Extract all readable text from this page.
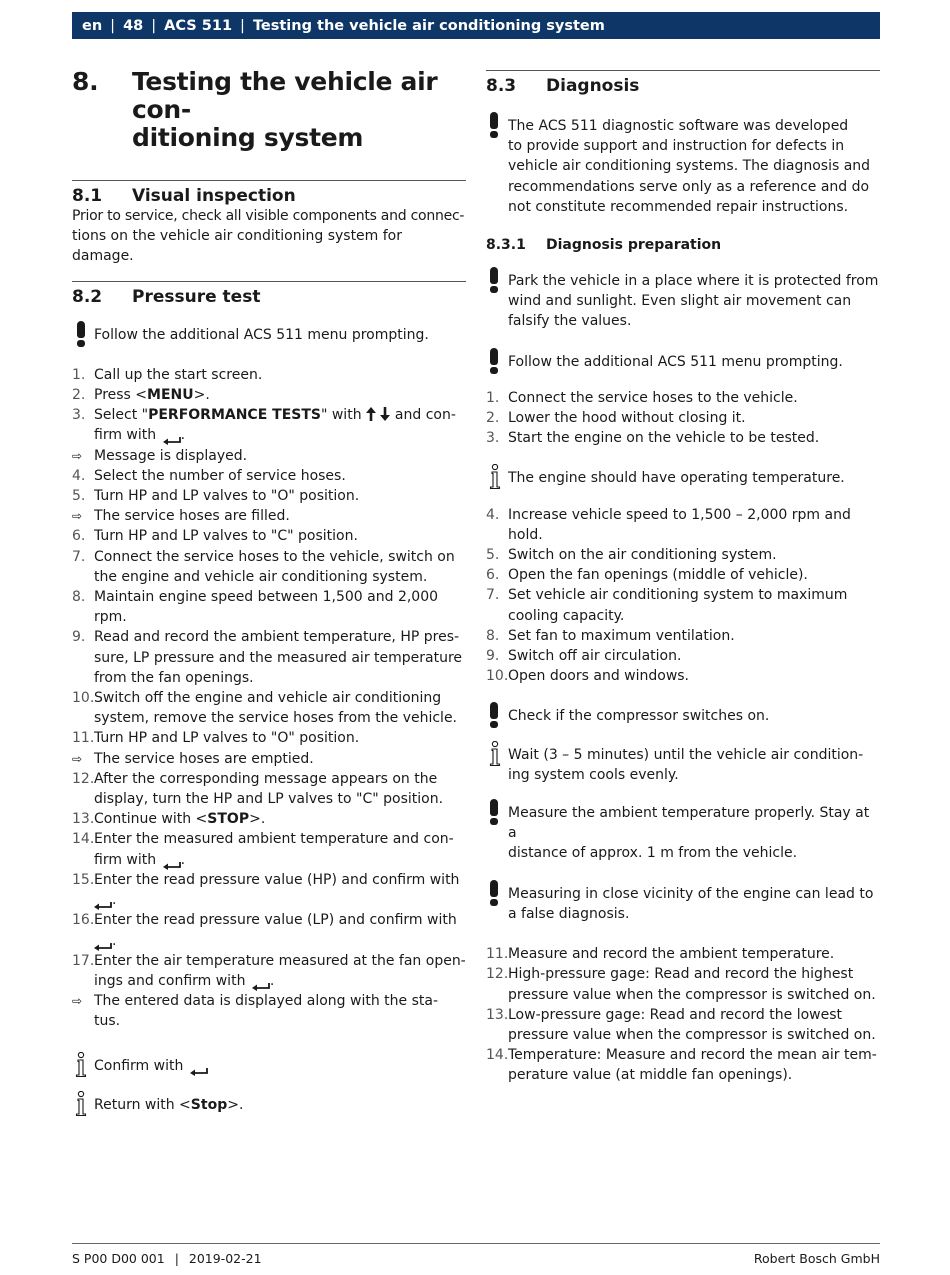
en | 48 | ACS 511 | Testing the vehicle air conditioning system
8.	Testing the vehicle air con-
ditioning system
8.1	Visual inspection
Prior to service, check all visible components and connec-
tions on the vehicle air conditioning system for damage.
8.2	Pressure test
Follow the additional ACS 511 menu prompting.
1. Call up the start screen.
2. Press <MENU>.
3. Select "PERFORMANCE TESTS" with and con-
firm with .
⇨ Message is displayed.
4. Select the number of service hoses.
5. Turn HP and LP valves to "O" position.
⇨ The service hoses are filled.
6. Turn HP and LP valves to "C" position.
7. Connect the service hoses to the vehicle, switch on
the engine and vehicle air conditioning system.
8. Maintain engine speed between 1,500 and 2,000
rpm.
9. Read and record the ambient temperature, HP pres-
sure, LP pressure and the measured air temperature
from the fan openings.
10. Switch off the engine and vehicle air conditioning
system, remove the service hoses from the vehicle.
11. Turn HP and LP valves to "O" position.
⇨ The service hoses are emptied.
12. After the corresponding message appears on the
display, turn the HP and LP valves to "C" position.
13. Continue with <STOP>.
14. Enter the measured ambient temperature and con-
firm with .
15. Enter the read pressure value (HP) and confirm with
.
16. Enter the read pressure value (LP) and confirm with
.
17. Enter the air temperature measured at the fan open-
ings and confirm with .
⇨ The entered data is displayed along with the sta-
tus.
Confirm with
Return with <Stop>.
8.3	Diagnosis
The ACS 511 diagnostic software was developed
to provide support and instruction for defects in
vehicle air conditioning systems. The diagnosis and
recommendations serve only as a reference and do
not constitute recommended repair instructions.
8.3.1	Diagnosis preparation
Park the vehicle in a place where it is protected from
wind and sunlight. Even slight air movement can
falsify the values.
Follow the additional ACS 511 menu prompting.
1. Connect the service hoses to the vehicle.
2. Lower the hood without closing it.
3. Start the engine on the vehicle to be tested.
The engine should have operating temperature.
4. Increase vehicle speed to 1,500 – 2,000 rpm and
hold.
5. Switch on the air conditioning system.
6. Open the fan openings (middle of vehicle).
7. Set vehicle air conditioning system to maximum
cooling capacity.
8. Set fan to maximum ventilation.
9. Switch off air circulation.
10. Open doors and windows.
Check if the compressor switches on.
Wait (3 – 5 minutes) until the vehicle air condition-
ing system cools evenly.
Measure the ambient temperature properly. Stay at a
distance of approx. 1 m from the vehicle.
Measuring in close vicinity of the engine can lead to
a false diagnosis.
11. Measure and record the ambient temperature.
12. High-pressure gage: Read and record the highest
pressure value when the compressor is switched on.
13. Low-pressure gage: Read and record the lowest
pressure value when the compressor is switched on.
14. Temperature: Measure and record the mean air tem-
perature value (at middle fan openings).
S P00 D00 001 | 2019-02-21	Robert Bosch GmbH
